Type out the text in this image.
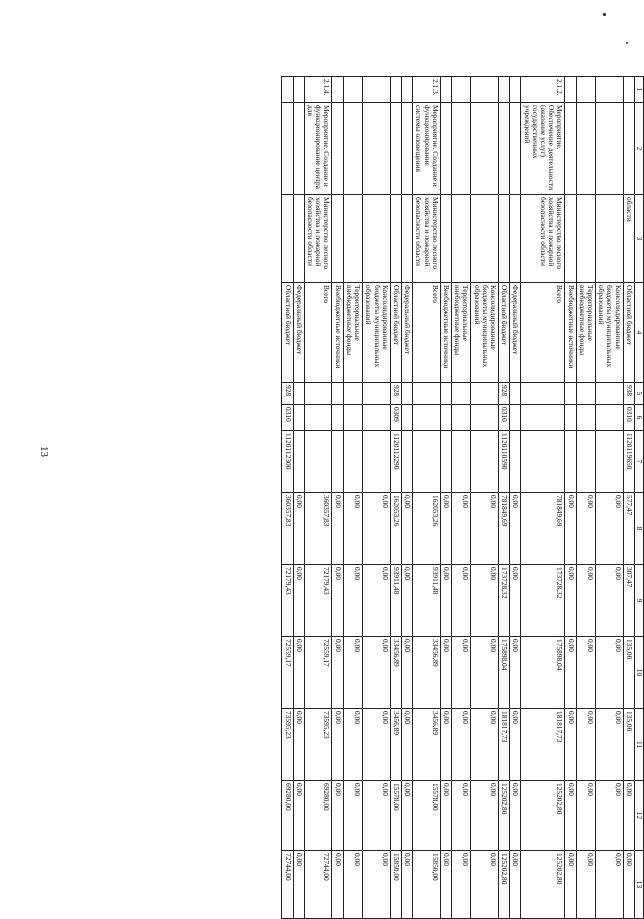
13
1	2	3	4	5	6	7	8	9	10	11	12	13
		области	Областной бюджет	938	0310	1120119650	577,47	307,47	135,00	135,00	0,00	0,00
			Консолидированные бюджеты муниципальных образований				0,00	0,00	0,00	0,00	0,00	0,00
			Территориальные внебюджетные фонды				0,00	0,00	0,00	0,00	0,00	0,00
			Внебюджетные источники				0,00	0,00	0,00	0,00	0,00	0,00
2.1.2.	Мероприятие. Обеспечение деятельности (оказание услуг) государственных учреждений	Министерство лесного хозяйства и пожарной безопасности области	Всего				781849,69	173728,32	175898,04	181817,73	125202,80	125202,80
			Федеральный бюджет				0,00	0,00	0,00	0,00	0,00	0,00
			Областной бюджет	928	0310	1120110590	781849,69	173728,32	175898,04	181817,73	125202,80	125202,80
			Консолидированные бюджеты муниципальных образований				0,00	0,00	0,00	0,00	0,00	0,00
			Территориальные внебюджетные фонды				0,00	0,00	0,00	0,00	0,00	0,00
			Внебюджетные источники				0,00	0,00	0,00	0,00	0,00	0,00
2.1.3.	Мероприятие. Создание и функционирование системы оповещения	Министерство лесного хозяйства и пожарной безопасности области	Всего				162053,26	93911,48	33456,89	3456,89	15578,00	15850,00
			Федеральный бюджет				0,00	0,00	0,00	0,00	0,00	0,00
			Областной бюджет	928	0309	1120112290	162053,26	93911,48	33456,89	3456,89	15578,00	15850,00
			Консолидированные бюджеты муниципальных образований				0,00	0,00	0,00	0,00	0,00	0,00
			Территориальные внебюджетные фонды				0,00	0,00	0,00	0,00	0,00	0,00
			Внебюджетные источники				0,00	0,00	0,00	0,00	0,00	0,00
2.1.4.	Мероприятие. Создание и функционирование центра для	Министерство лесного хозяйства и пожарной безопасности области	Всего				360357,83	72179,43	72559,17	73595,23	69280,00	72744,00
			Федеральный бюджет				0,00	0,00	0,00	0,00	0,00	0,00
			Областной бюджет	928	0310	1120112300	360357,83	72179,43	72559,17	73595,23	69280,00	72744,00
